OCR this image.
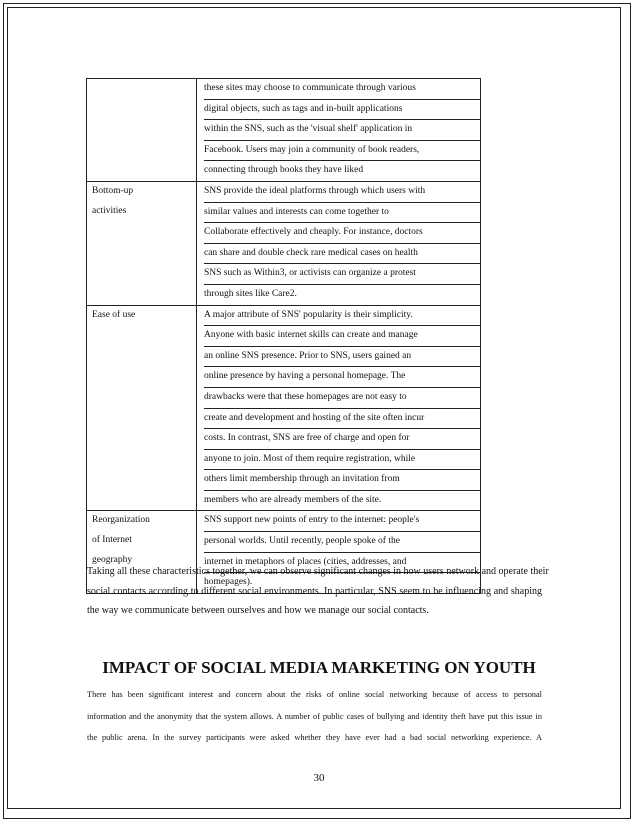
these sites may choose to communicate through various
digital objects, such as tags and in-built applications
within the SNS, such as the 'visual shelf' application in
Facebook. Users may join a community of book readers,
connecting through books they have liked
Bottom-up
activities
SNS provide the ideal platforms through which users with
similar values and interests can come together to
Collaborate effectively and cheaply. For instance, doctors
can share and double check rare medical cases on health
SNS such as Within3, or activists can organize a protest
through sites like Care2.
Ease of use	A major attribute of SNS' popularity is their simplicity.
Anyone with basic internet skills can create and manage
an online SNS presence. Prior to SNS, users gained an
online presence by having a personal homepage. The
drawbacks were that these homepages are not easy to
create and development and hosting of the site often incur
costs. In contrast, SNS are free of charge and open for
anyone to join. Most of them require registration, while
others limit membership through an invitation from
members who are already members of the site.
Reorganization
of Internet
geography
SNS support new points of entry to the internet: people's
personal worlds. Until recently, people spoke of the
internet in metaphors of places (cities, addresses, and
homepages).
Taking all these characteristics together, we can observe significant changes in how users network and operate their
social contacts according to different social environments. In particular, SNS seem to be influencing and shaping
the way we communicate between ourselves and how we manage our social contacts.
IMPACT OF SOCIAL MEDIA MARKETING ON YOUTH
There has been significant interest and concern about the risks of online social networking because of access to personal
information and the anonymity that the system allows. A number of public cases of bullying and identity theft have put this issue in
the public arena. In the survey participants were asked whether they have ever had a bad social networking experience. A
30
